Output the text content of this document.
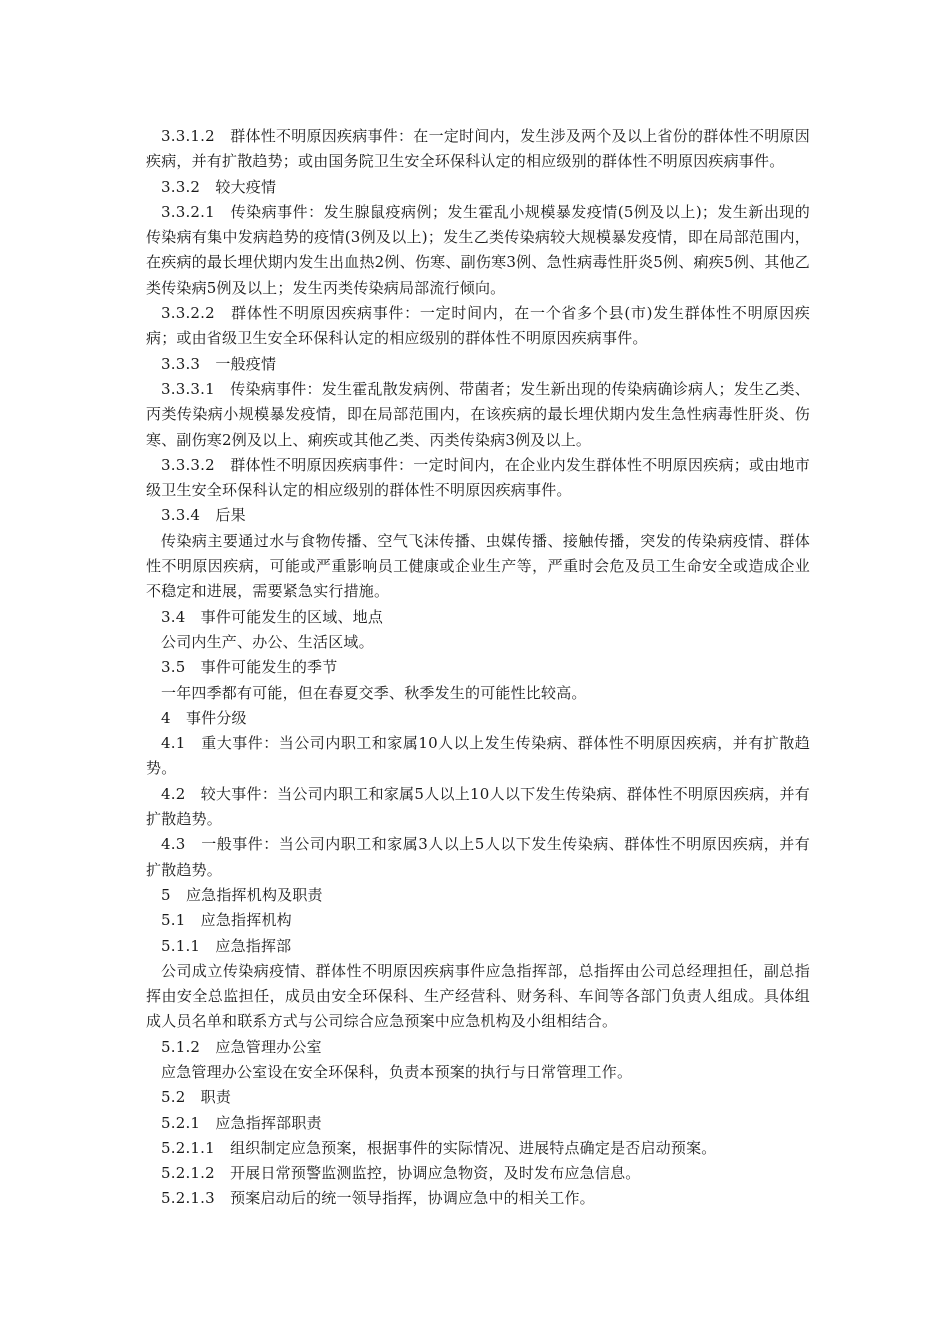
3.3.1.2　群体性不明原因疾病事件：在一定时间内，发生涉及两个及以上省份的群体性不明原因疾病，并有扩散趋势；或由国务院卫生安全环保科认定的相应级别的群体性不明原因疾病事件。

3.3.2　较大疫情

3.3.2.1　传染病事件：发生腺鼠疫病例；发生霍乱小规模暴发疫情(5例及以上)；发生新出现的传染病有集中发病趋势的疫情(3例及以上)；发生乙类传染病较大规模暴发疫情，即在局部范围内，在疾病的最长埋伏期内发生出血热2例、伤寒、副伤寒3例、急性病毒性肝炎5例、痢疾5例、其他乙类传染病5例及以上；发生丙类传染病局部流行倾向。

3.3.2.2　群体性不明原因疾病事件：一定时间内，在一个省多个县(市)发生群体性不明原因疾病；或由省级卫生安全环保科认定的相应级别的群体性不明原因疾病事件。

3.3.3　一般疫情

3.3.3.1　传染病事件：发生霍乱散发病例、带菌者；发生新出现的传染病确诊病人；发生乙类、丙类传染病小规模暴发疫情，即在局部范围内，在该疾病的最长埋伏期内发生急性病毒性肝炎、伤寒、副伤寒2例及以上、痢疾或其他乙类、丙类传染病3例及以上。

3.3.3.2　群体性不明原因疾病事件：一定时间内，在企业内发生群体性不明原因疾病；或由地市级卫生安全环保科认定的相应级别的群体性不明原因疾病事件。

3.3.4　后果

传染病主要通过水与食物传播、空气飞沫传播、虫媒传播、接触传播，突发的传染病疫情、群体性不明原因疾病，可能或严重影响员工健康或企业生产等，严重时会危及员工生命安全或造成企业不稳定和进展，需要紧急实行措施。

3.4　事件可能发生的区域、地点

公司内生产、办公、生活区域。

3.5　事件可能发生的季节

一年四季都有可能，但在春夏交季、秋季发生的可能性比较高。

4　事件分级

4.1　重大事件：当公司内职工和家属10人以上发生传染病、群体性不明原因疾病，并有扩散趋势。

4.2　较大事件：当公司内职工和家属5人以上10人以下发生传染病、群体性不明原因疾病，并有扩散趋势。

4.3　一般事件：当公司内职工和家属3人以上5人以下发生传染病、群体性不明原因疾病，并有扩散趋势。

5　应急指挥机构及职责

5.1　应急指挥机构

5.1.1　应急指挥部

公司成立传染病疫情、群体性不明原因疾病事件应急指挥部，总指挥由公司总经理担任，副总指挥由安全总监担任，成员由安全环保科、生产经营科、财务科、车间等各部门负责人组成。具体组成人员名单和联系方式与公司综合应急预案中应急机构及小组相结合。

5.1.2　应急管理办公室

应急管理办公室设在安全环保科，负责本预案的执行与日常管理工作。

5.2　职责

5.2.1　应急指挥部职责

5.2.1.1　组织制定应急预案，根据事件的实际情况、进展特点确定是否启动预案。

5.2.1.2　开展日常预警监测监控，协调应急物资，及时发布应急信息。

5.2.1.3　预案启动后的统一领导指挥，协调应急中的相关工作。
